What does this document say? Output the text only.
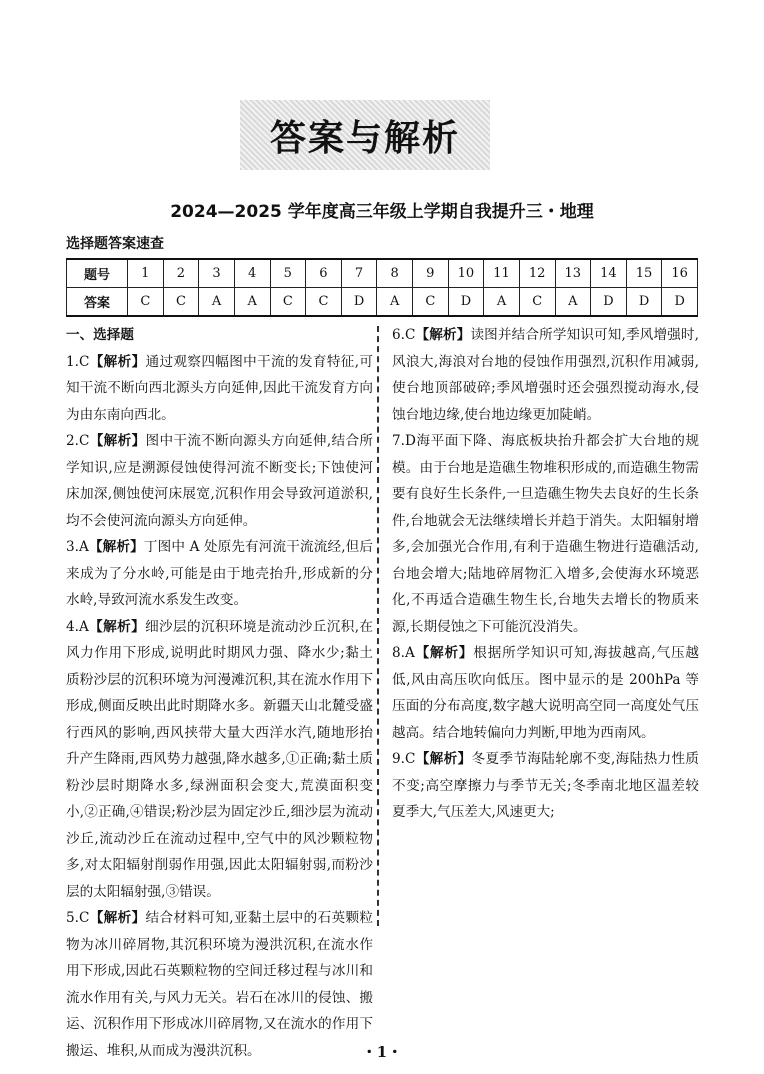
答案与解析
2024—2025 学年度高三年级上学期自我提升三・地理
选择题答案速查
题号	1	2	3	4	5	6	7	8	9	10	11	12	13	14	15	16
答案	C	C	A	A	C	C	D	A	C	D	A	C	A	D	D	D
一、选择题

1.C【解析】通过观察四幅图中干流的发育特征,可知干流不断向西北源头方向延伸,因此干流发育方向为由东南向西北。

2.C【解析】图中干流不断向源头方向延伸,结合所学知识,应是溯源侵蚀使得河流不断变长;下蚀使河床加深,侧蚀使河床展宽,沉积作用会导致河道淤积,均不会使河流向源头方向延伸。

3.A【解析】丁图中 A 处原先有河流干流流经,但后来成为了分水岭,可能是由于地壳抬升,形成新的分水岭,导致河流水系发生改变。

4.A【解析】细沙层的沉积环境是流动沙丘沉积,在风力作用下形成,说明此时期风力强、降水少;黏土质粉沙层的沉积环境为河漫滩沉积,其在流水作用下形成,侧面反映出此时期降水多。新疆天山北麓受盛行西风的影响,西风挟带大量大西洋水汽,随地形抬升产生降雨,西风势力越强,降水越多,①正确;黏土质粉沙层时期降水多,绿洲面积会变大,荒漠面积变小,②正确,④错误;粉沙层为固定沙丘,细沙层为流动沙丘,流动沙丘在流动过程中,空气中的风沙颗粒物多,对太阳辐射削弱作用强,因此太阳辐射弱,而粉沙层的太阳辐射强,③错误。

5.C【解析】结合材料可知,亚黏土层中的石英颗粒物为冰川碎屑物,其沉积环境为漫洪沉积,在流水作用下形成,因此石英颗粒物的空间迁移过程与冰川和流水作用有关,与风力无关。岩石在冰川的侵蚀、搬运、沉积作用下形成冰川碎屑物,又在流水的作用下搬运、堆积,从而成为漫洪沉积。

6.C【解析】读图并结合所学知识可知,季风增强时,风浪大,海浪对台地的侵蚀作用强烈,沉积作用减弱,使台地顶部破碎;季风增强时还会强烈搅动海水,侵蚀台地边缘,使台地边缘更加陡峭。

7.D海平面下降、海底板块抬升都会扩大台地的规模。由于台地是造礁生物堆积形成的,而造礁生物需要有良好生长条件,一旦造礁生物失去良好的生长条件,台地就会无法继续增长并趋于消失。太阳辐射增多,会加强光合作用,有利于造礁生物进行造礁活动,台地会增大;陆地碎屑物汇入增多,会使海水环境恶化,不再适合造礁生物生长,台地失去增长的物质来源,长期侵蚀之下可能沉没消失。

8.A【解析】根据所学知识可知,海拔越高,气压越低,风由高压吹向低压。图中显示的是 200hPa 等压面的分布高度,数字越大说明高空同一高度处气压越高。结合地转偏向力判断,甲地为西南风。

9.C【解析】冬夏季节海陆轮廓不变,海陆热力性质不变;高空摩擦力与季节无关;冬季南北地区温差较夏季大,气压差大,风速更大;

・1・
